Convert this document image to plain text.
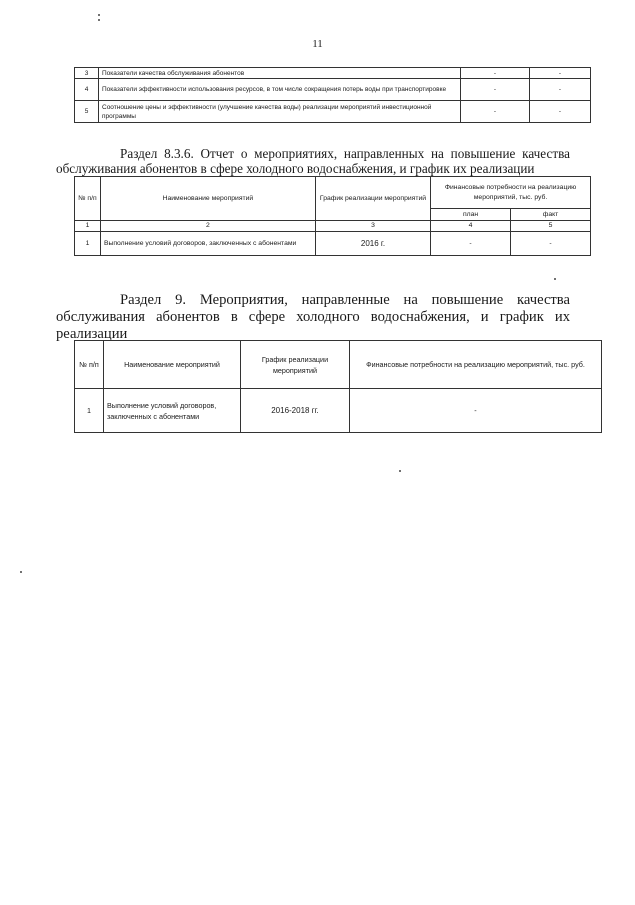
11
3	Показатели качества обслуживания абонентов	-	-
4	Показатели эффективности использования ресурсов, в том числе сокращения потерь воды при транспортировке	-	-
5	Соотношение цены и эффективности (улучшение качества воды) реализации мероприятий инвестиционной программы	-	-
Раздел 8.3.6. Отчет о мероприятиях, направленных на повышение качества
обслуживания абонентов в сфере холодного водоснабжения, и график их реализации
№ п/п	Наименование мероприятий	График реализации мероприятий	Финансовые потребности на реализацию мероприятий, тыс. руб.	
			план	факт
1	2	3	4	5
1	Выполнение условий договоров, заключенных с абонентами	2016 г.	-	-
Раздел 9. Мероприятия, направленные на повышение качества
обслуживания абонентов в сфере холодного водоснабжения, и график их
реализации
№ п/п	Наименование мероприятий	График реализации мероприятий	Финансовые потребности на реализацию мероприятий, тыс. руб.
1	Выполнение условий договоров, заключенных с абонентами	2016-2018 гг.	-
